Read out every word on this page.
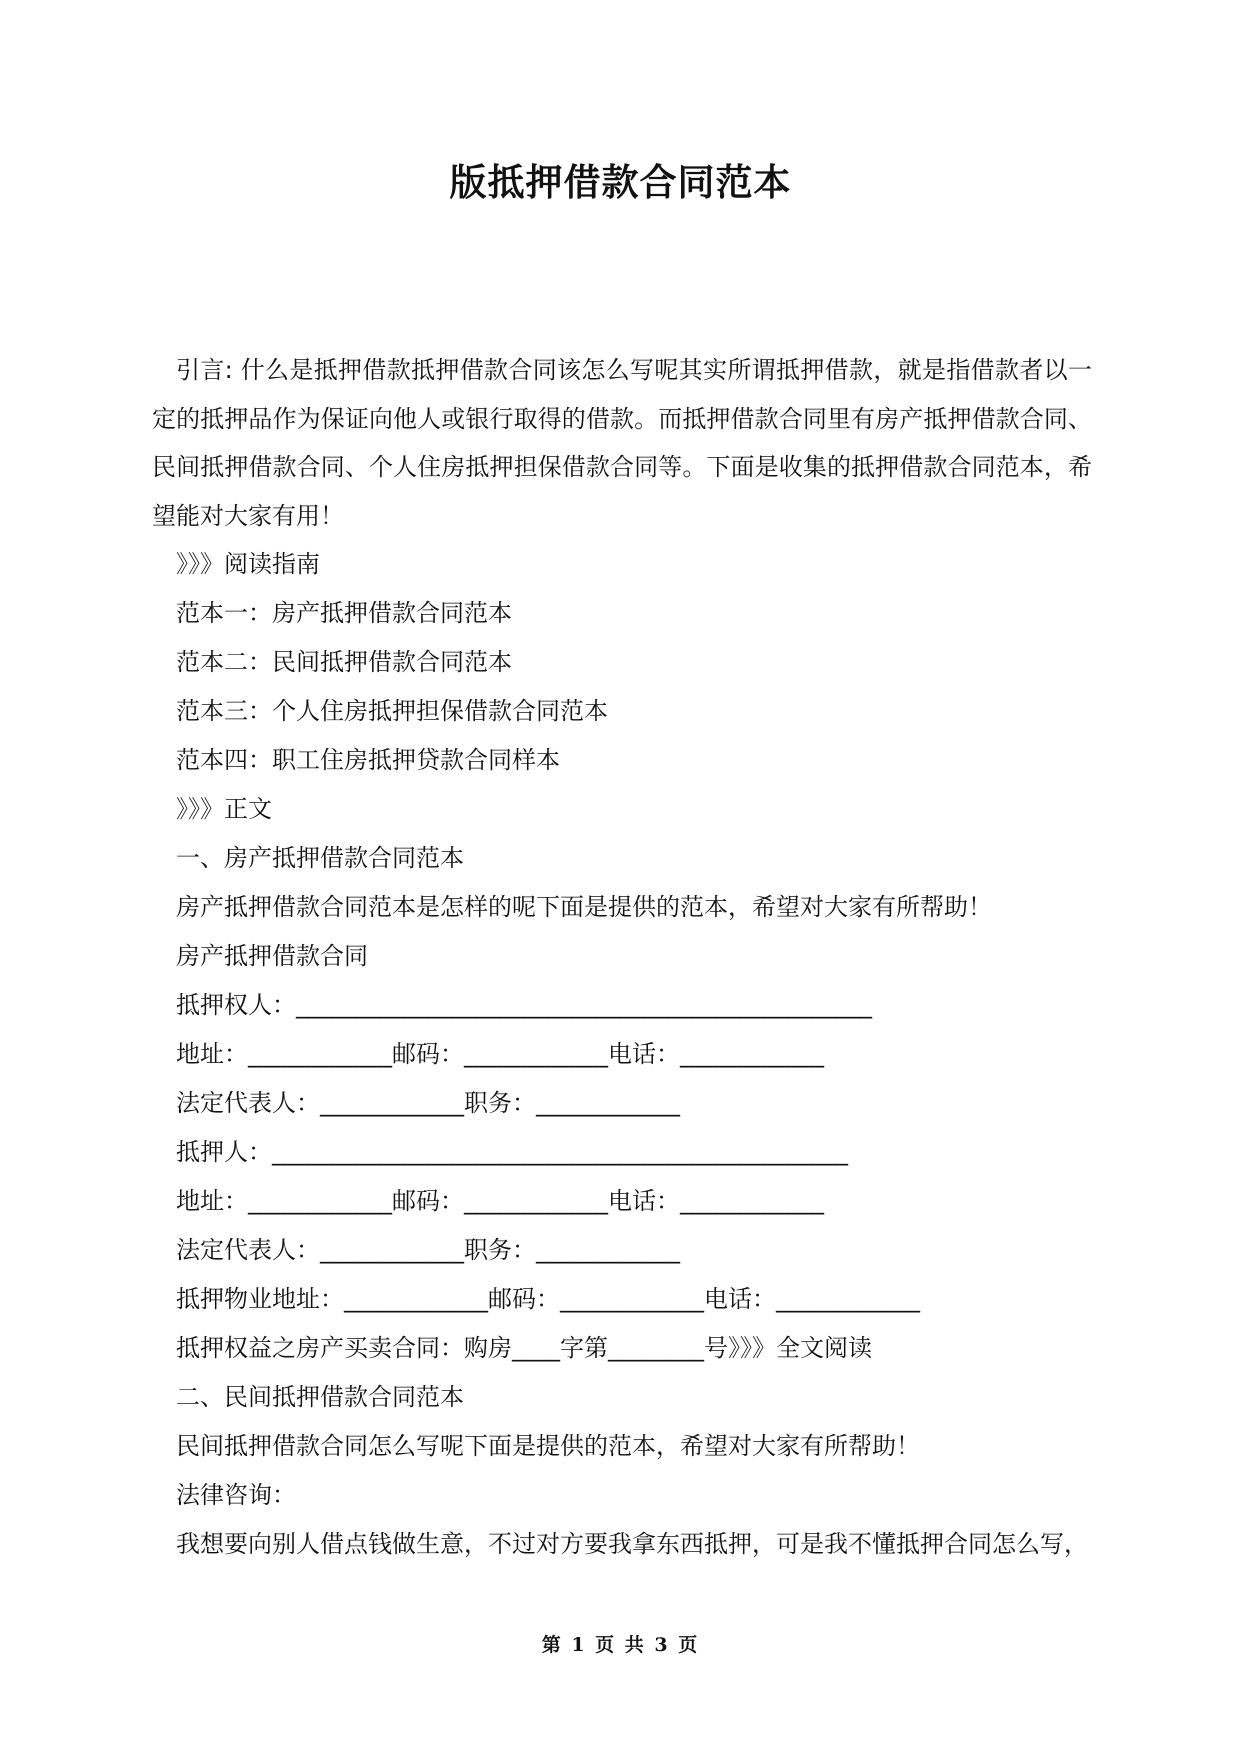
版抵押借款合同范本

引言: 什么是抵押借款抵押借款合同该怎么写呢其实所谓抵押借款，就是指借款者以一定的抵押品作为保证向他人或银行取得的借款。而抵押借款合同里有房产抵押借款合同、民间抵押借款合同、个人住房抵押担保借款合同等。下面是收集的抵押借款合同范本，希望能对大家有用！

》》》阅读指南
范本一：房产抵押借款合同范本
范本二：民间抵押借款合同范本
范本三：个人住房抵押担保借款合同范本
范本四：职工住房抵押贷款合同样本
》》》正文
一、房产抵押借款合同范本
房产抵押借款合同范本是怎样的呢下面是提供的范本，希望对大家有所帮助！
房产抵押借款合同
抵押权人：________________________________________________
地址：____________邮码：____________电话：____________
法定代表人：____________职务：____________
抵押人：________________________________________________
地址：____________邮码：____________电话：____________
法定代表人：____________职务：____________
抵押物业地址：____________邮码：____________电话：____________
抵押权益之房产买卖合同：购房____字第________号》》》全文阅读
二、民间抵押借款合同范本
民间抵押借款合同怎么写呢下面是提供的范本，希望对大家有所帮助！
法律咨询：
我想要向别人借点钱做生意，不过对方要我拿东西抵押，可是我不懂抵押合同怎么写，
第 1 页 共 3 页
